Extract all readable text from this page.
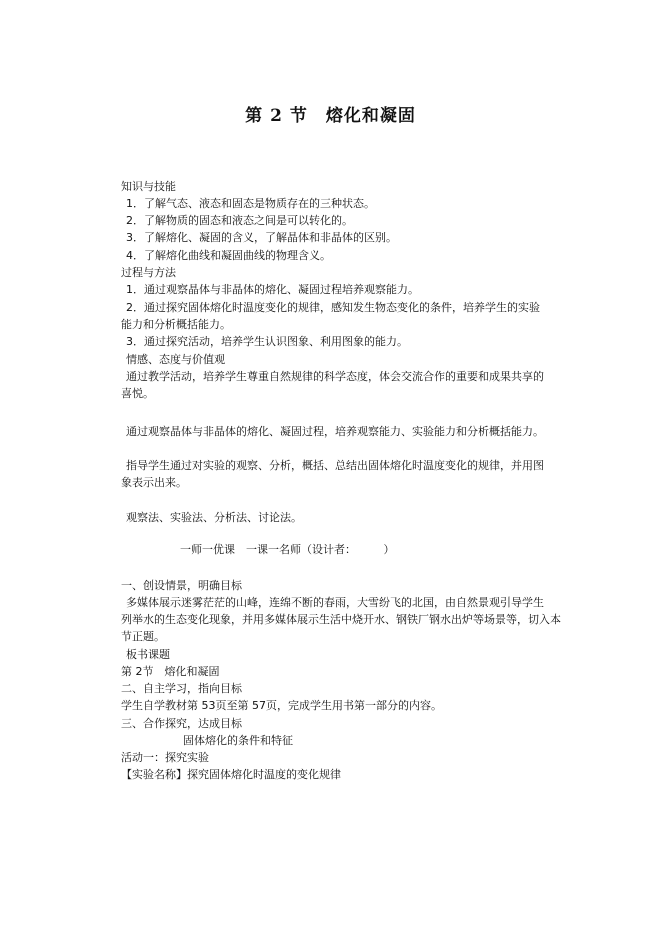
第 2 节　熔化和凝固
知识与技能
1．了解气态、液态和固态是物质存在的三种状态。
2．了解物质的固态和液态之间是可以转化的。
3．了解熔化、凝固的含义，了解晶体和非晶体的区别。
4．了解熔化曲线和凝固曲线的物理含义。
过程与方法
1．通过观察晶体与非晶体的熔化、凝固过程培养观察能力。
2．通过探究固体熔化时温度变化的规律，感知发生物态变化的条件，培养学生的实验
能力和分析概括能力。
3．通过探究活动，培养学生认识图象、利用图象的能力。
情感、态度与价值观
通过教学活动，培养学生尊重自然规律的科学态度，体会交流合作的重要和成果共享的
喜悦。
通过观察晶体与非晶体的熔化、凝固过程，培养观察能力、实验能力和分析概括能力。
指导学生通过对实验的观察、分析，概括、总结出固体熔化时温度变化的规律，并用图
象表示出来。
观察法、实验法、分析法、讨论法。
一师一优课　一课一名师（设计者：　　　）
一、创设情景，明确目标
多媒体展示迷雾茫茫的山峰，连绵不断的春雨，大雪纷飞的北国，由自然景观引导学生
列举水的生态变化现象，并用多媒体展示生活中烧开水、钢铁厂钢水出炉等场景等，切入本
节正题。
板书课题
第 2节　熔化和凝固
二、自主学习，指向目标
学生自学教材第 53页至第 57页，完成学生用书第一部分的内容。
三、合作探究，达成目标
固体熔化的条件和特征
活动一：探究实验
【实验名称】探究固体熔化时温度的变化规律
